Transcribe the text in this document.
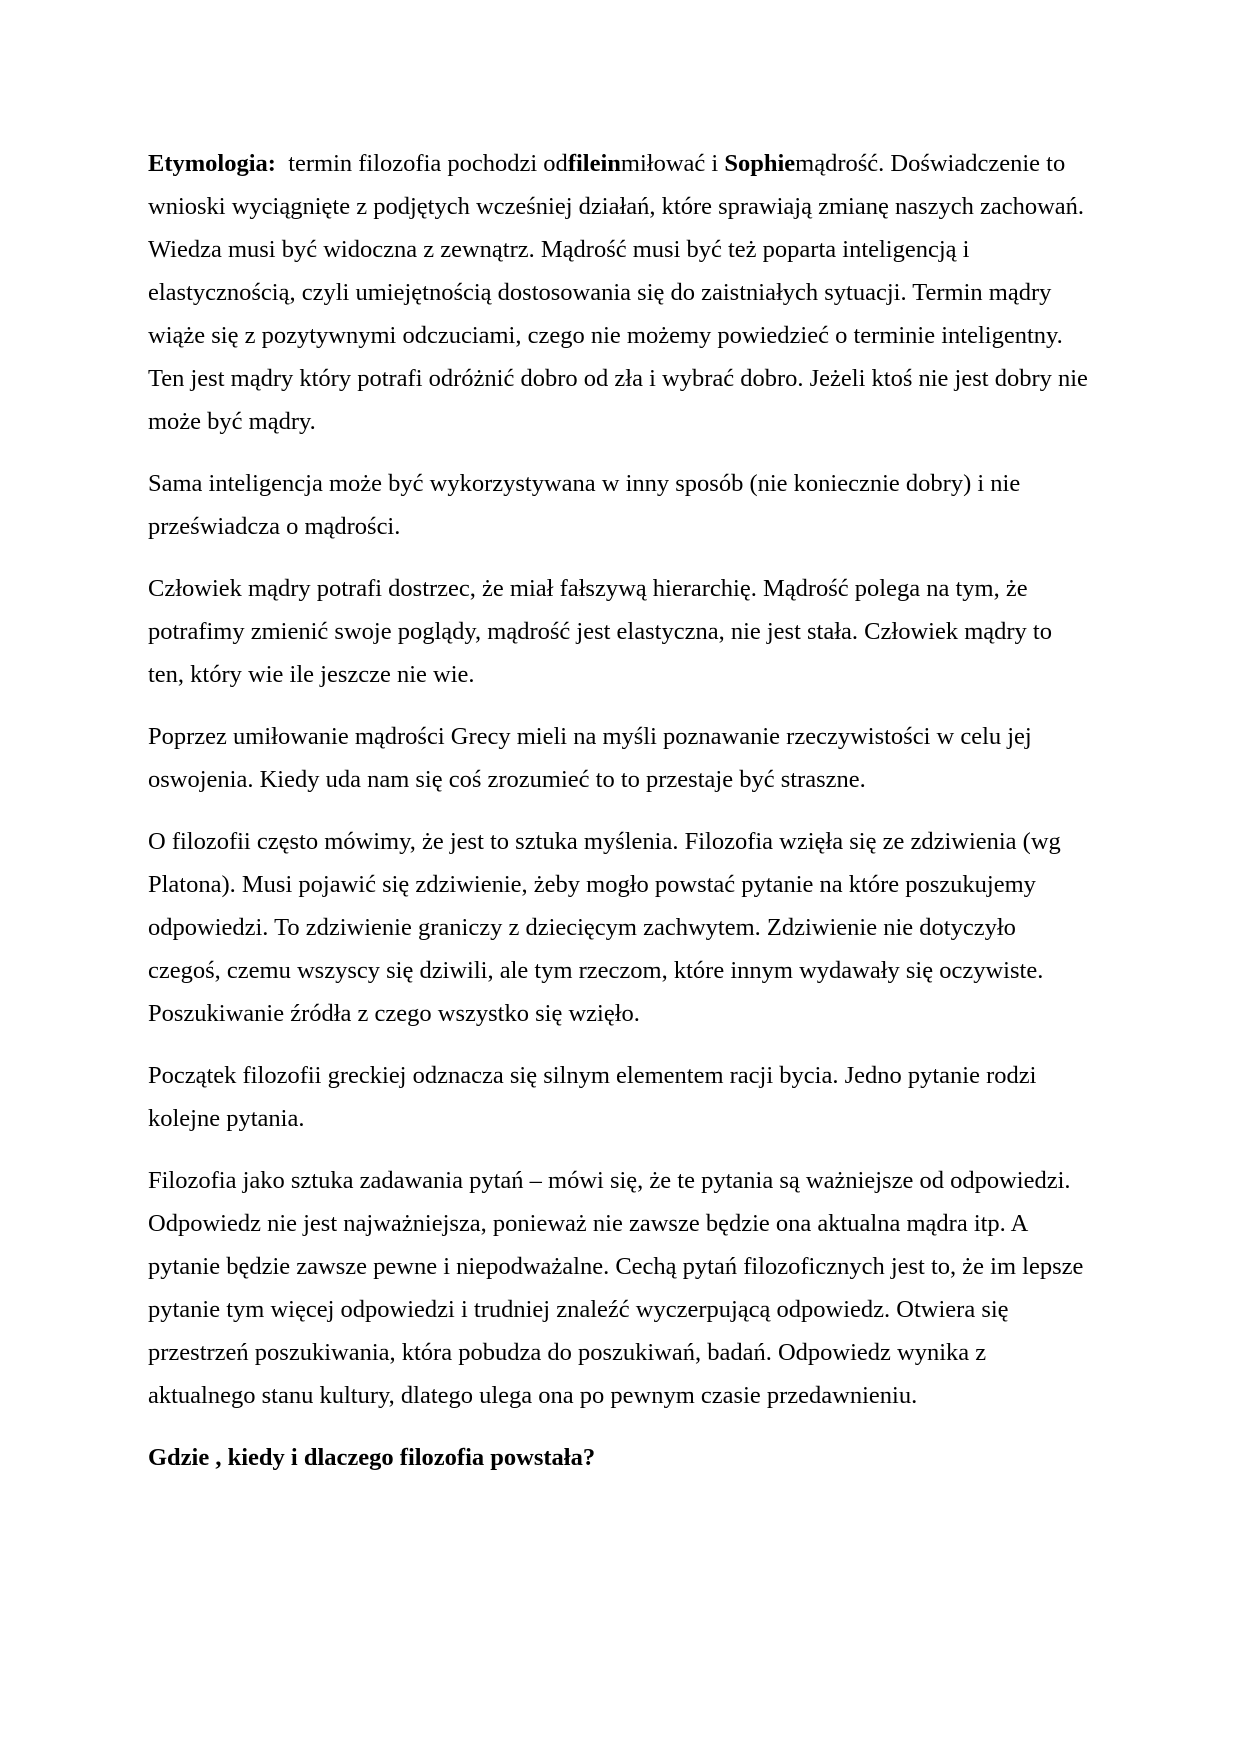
Etymologia: termin filozofia pochodzi odfileinmiłować i Sophiemądrość. Doświadczenie to wnioski wyciągnięte z podjętych wcześniej działań, które sprawiają zmianę naszych zachowań. Wiedza musi być widoczna z zewnątrz. Mądrość musi być też poparta inteligencją i elastycznością, czyli umiejętnością dostosowania się do zaistniałych sytuacji. Termin mądry wiąże się z pozytywnymi odczuciami, czego nie możemy powiedzieć o terminie inteligentny. Ten jest mądry który potrafi odróżnić dobro od zła i wybrać dobro. Jeżeli ktoś nie jest dobry nie może być mądry.

Sama inteligencja może być wykorzystywana w inny sposób (nie koniecznie dobry) i nie przeświadcza o mądrości.

Człowiek mądry potrafi dostrzec, że miał fałszywą hierarchię. Mądrość polega na tym, że potrafimy zmienić swoje poglądy, mądrość jest elastyczna, nie jest stała. Człowiek mądry to ten, który wie ile jeszcze nie wie.

Poprzez umiłowanie mądrości Grecy mieli na myśli poznawanie rzeczywistości w celu jej oswojenia. Kiedy uda nam się coś zrozumieć to to przestaje być straszne.

O filozofii często mówimy, że jest to sztuka myślenia. Filozofia wzięła się ze zdziwienia (wg Platona). Musi pojawić się zdziwienie, żeby mogło powstać pytanie na które poszukujemy odpowiedzi. To zdziwienie graniczy z dziecięcym zachwytem. Zdziwienie nie dotyczyło czegoś, czemu wszyscy się dziwili, ale tym rzeczom, które innym wydawały się oczywiste. Poszukiwanie źródła z czego wszystko się wzięło.

Początek filozofii greckiej odznacza się silnym elementem racji bycia. Jedno pytanie rodzi kolejne pytania.

Filozofia jako sztuka zadawania pytań – mówi się, że te pytania są ważniejsze od odpowiedzi. Odpowiedz nie jest najważniejsza, ponieważ nie zawsze będzie ona aktualna mądra itp. A pytanie będzie zawsze pewne i niepodważalne. Cechą pytań filozoficznych jest to, że im lepsze pytanie tym więcej odpowiedzi i trudniej znaleźć wyczerpującą odpowiedz. Otwiera się przestrzeń poszukiwania, która pobudza do poszukiwań, badań. Odpowiedz wynika z aktualnego stanu kultury, dlatego ulega ona po pewnym czasie przedawnieniu.

Gdzie , kiedy i dlaczego filozofia powstała?
